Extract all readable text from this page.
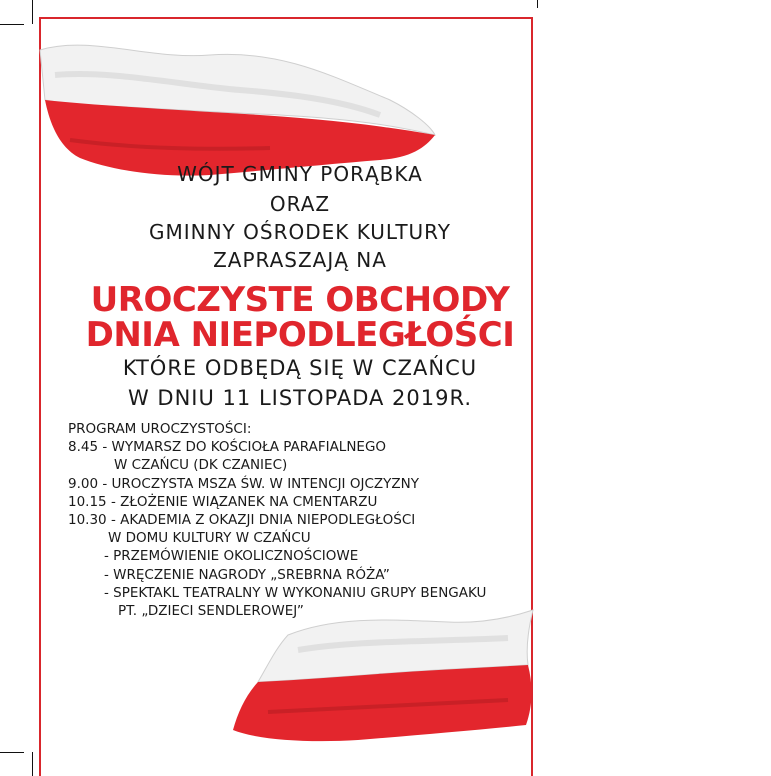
WÓJT GMINY PORĄBKA

ORAZ

GMINNY OŚRODEK KULTURY

ZAPRASZAJĄ NA

UROCZYSTE OBCHODY

DNIA NIEPODLEGŁOŚCI

KTÓRE ODBĘDĄ SIĘ W CZAŃCU

W DNIU 11 LISTOPADA 2019R.

PROGRAM UROCZYSTOŚCI:
8.45 - WYMARSZ DO KOŚCIOŁA PARAFIALNEGO
W CZAŃCU (DK CZANIEC)
9.00 - UROCZYSTA MSZA ŚW. W INTENCJI OJCZYZNY
10.15 - ZŁOŻENIE WIĄZANEK NA CMENTARZU
10.30 - AKADEMIA Z OKAZJI DNIA NIEPODLEGŁOŚCI
W DOMU KULTURY W CZAŃCU
- PRZEMÓWIENIE OKOLICZNOŚCIOWE
- WRĘCZENIE NAGRODY „SREBRNA RÓŻA”
- SPEKTAKL TEATRALNY W WYKONANIU GRUPY BENGAKU
PT. „DZIECI SENDLEROWEJ”
